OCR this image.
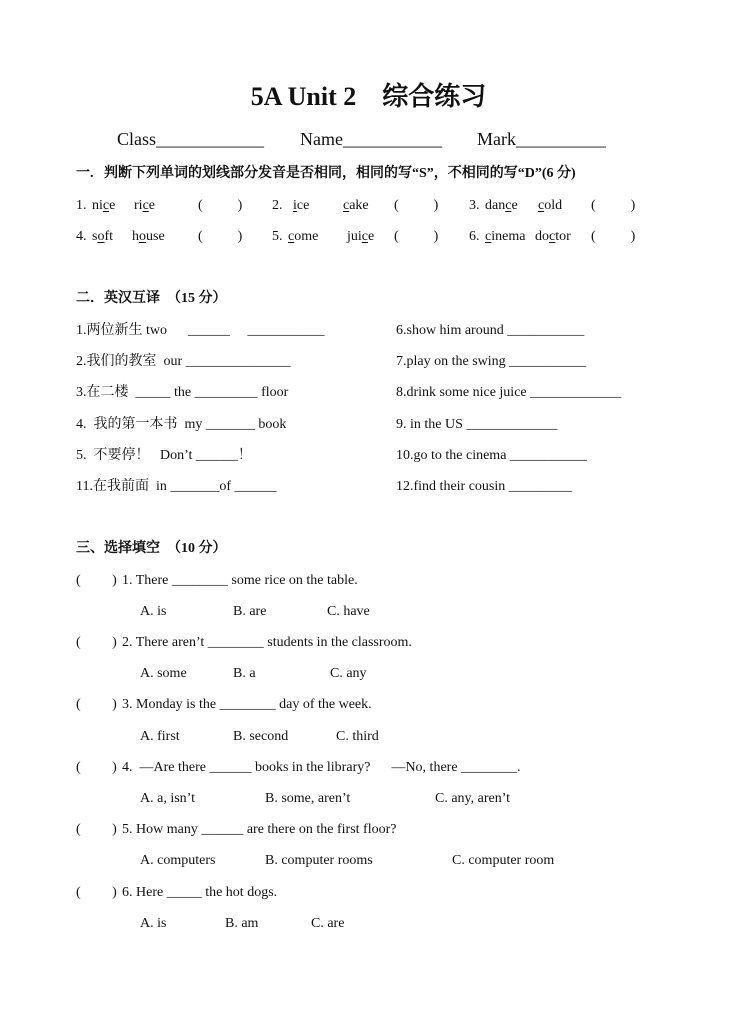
5A Unit 2    综合练习
Class____________ Name___________ Mark__________
一.   判断下列单词的划线部分发音是否相同，相同的写“S”，不相同的写“D”(6 分)
1. nice rice	(          ) 2. ice cake (          ) 3. dance cold (          )
4. soft house (          ) 5. come juice (          ) 6. cinema doctor (          )
二．英汉互译  （15 分）
1.两位新生 two      ______     ___________
2.我们的教室  our _______________
3.在二楼  _____ the _________ floor
4.  我的第一本书  my _______ book
5.  不要停！   Don’t ______！
11.在我前面  in _______of ______
6.show him around ___________
7.play on the swing ___________
8.drink some nice juice _____________
9. in the US _____________
10.go to the cinema ___________
12.find their cousin _________
三、选择填空  （10 分）
(         ) 1. There ________ some rice on the table.
A. is	B. are	C. have
(         ) 2. There aren’t ________ students in the classroom.
A. some	B. a	C. any
(         ) 3. Monday is the ________ day of the week.
A. first	B. second	C. third
(         ) 4.  —Are there ______ books in the library?      —No, there ________.
A. a, isn’t	B. some, aren’t	C. any, aren’t
(         ) 5. How many ______ are there on the first floor?
A. computers	B. computer rooms	C. computer room
(         ) 6. Here _____ the hot dogs.
A. is	B. am	C. are
